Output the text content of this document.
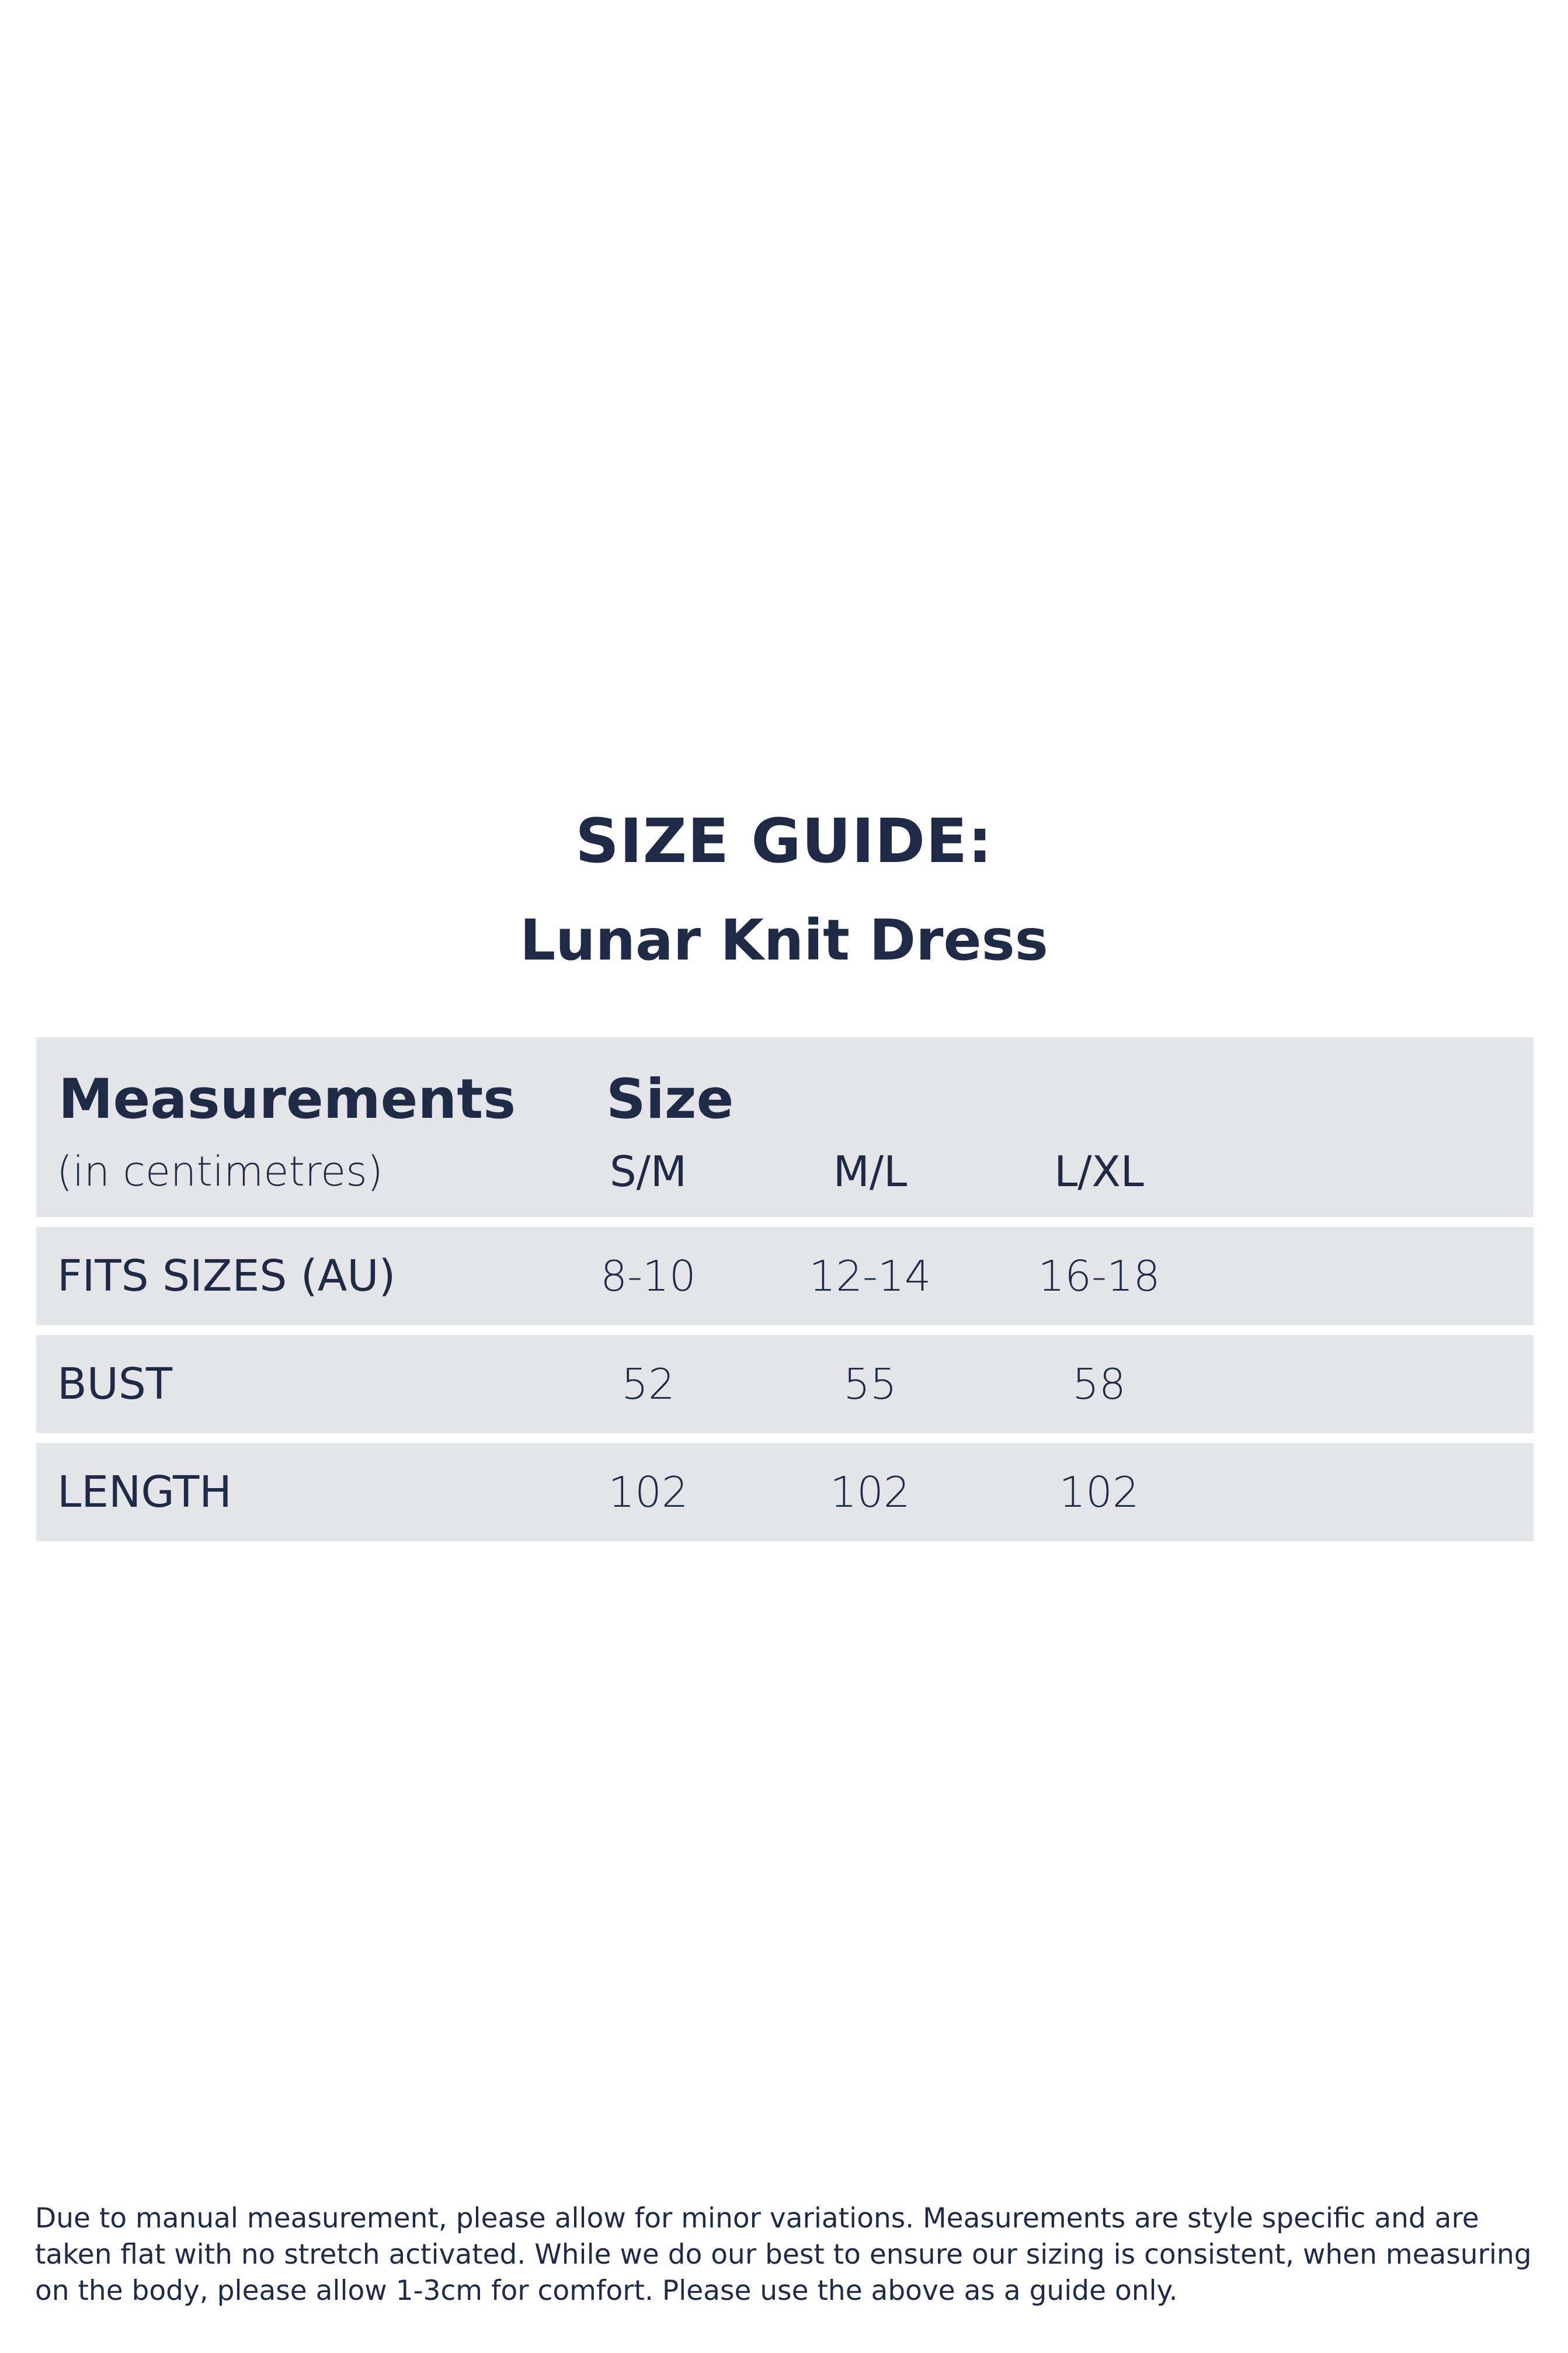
SIZE GUIDE:
Lunar Knit Dress
Measurements
(in centimetres)
Size
S/M	M/L	L/XL
FITS SIZES (AU)	8-10	12-14	16-18
BUST	52	55	58
LENGTH	102	102	102

Due to manual measurement, please allow for minor variations. Measurements are style specific and are taken flat with no stretch activated. While we do our best to ensure our sizing is consistent, when measuring on the body, please allow 1-3cm for comfort. Please use the above as a guide only.
